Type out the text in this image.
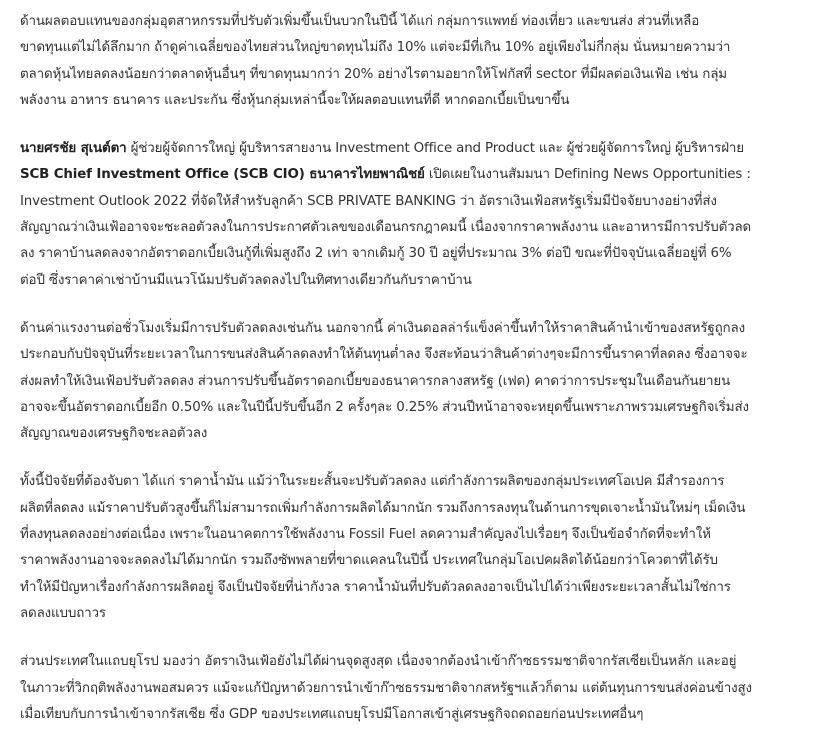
ด้านผลตอบแทนของกลุ่มอุตสาหกรรมที่ปรับตัวเพิ่มขึ้นเป็นบวกในปีนี้ ได้แก่ กลุ่มการแพทย์ ท่องเที่ยว และขนส่ง ส่วนที่เหลือ
ขาดทุนแต่ไม่ได้ลึกมาก ถ้าดูค่าเฉลี่ยของไทยส่วนใหญ่ขาดทุนไม่ถึง 10% แต่จะมีที่เกิน 10% อยู่เพียงไม่กี่กลุ่ม นั่นหมายความว่า
ตลาดหุ้นไทยลดลงน้อยกว่าตลาดหุ้นอื่นๆ ที่ขาดทุนมากว่า 20% อย่างไรตามอยากให้โฟกัสที่ sector ที่มีผลต่อเงินเฟ้อ เช่น กลุ่ม
พลังงาน อาหาร ธนาคาร และประกัน ซึ่งหุ้นกลุ่มเหล่านี้จะให้ผลตอบแทนที่ดี หากดอกเบี้ยเป็นขาขึ้น

นายศรชัย สุเนต์ตา ผู้ช่วยผู้จัดการใหญ่ ผู้บริหารสายงาน Investment Office and Product และ ผู้ช่วยผู้จัดการใหญ่ ผู้บริหารฝ่าย
SCB Chief Investment Office (SCB CIO) ธนาคารไทยพาณิชย์ เปิดเผยในงานสัมมนา Defining News Opportunities :
Investment Outlook 2022 ที่จัดให้สำหรับลูกค้า SCB PRIVATE BANKING ว่า อัตราเงินเฟ้อสหรัฐเริ่มมีปัจจัยบางอย่างที่ส่ง
สัญญาณว่าเงินเฟ้ออาจจะชะลอตัวลงในการประกาศตัวเลขของเดือนกรกฎาคมนี้ เนื่องจากราคาพลังงาน และอาหารมีการปรับตัวลด
ลง ราคาบ้านลดลงจากอัตราดอกเบี้ยเงินกู้ที่เพิ่มสูงถึง 2 เท่า จากเดิมกู้ 30 ปี อยู่ที่ประมาณ 3% ต่อปี ขณะที่ปัจจุบันเฉลี่ยอยู่ที่ 6%
ต่อปี ซึ่งราคาค่าเช่าบ้านมีแนวโน้มปรับตัวลดลงไปในทิศทางเดียวกันกับราคาบ้าน

ด้านค่าแรงงานต่อชั่วโมงเริ่มมีการปรับตัวลดลงเช่นกัน นอกจากนี้ ค่าเงินดอลล่าร์แข็งค่าขึ้นทำให้ราคาสินค้านำเข้าของสหรัฐถูกลง
ประกอบกับปัจจุบันที่ระยะเวลาในการขนส่งสินค้าลดลงทำให้ต้นทุนต่ำลง จึงสะท้อนว่าสินค้าต่างๆจะมีการขึ้นราคาที่ลดลง ซึ่งอาจจะ
ส่งผลทำให้เงินเฟ้อปรับตัวลดลง ส่วนการปรับขึ้นอัตราดอกเบี้ยของธนาคารกลางสหรัฐ (เฟด) คาดว่าการประชุมในเดือนกันยายน
อาจจะขึ้นอัตราดอกเบี้ยอีก 0.50% และในปีนี้ปรับขึ้นอีก 2 ครั้งๆละ 0.25% ส่วนปีหน้าอาจจะหยุดขึ้นเพราะภาพรวมเศรษฐกิจเริ่มส่ง
สัญญาณของเศรษฐกิจชะลอตัวลง

ทั้งนี้ปัจจัยที่ต้องจับตา ได้แก่ ราคาน้ำมัน แม้ว่าในระยะสั้นจะปรับตัวลดลง แต่กำลังการผลิตของกลุ่มประเทศโอเปค มีสำรองการ
ผลิตที่ลดลง แม้ราคาปรับตัวสูงขึ้นก็ไม่สามารถเพิ่มกำลังการผลิตได้มากนัก รวมถึงการลงทุนในด้านการขุดเจาะน้ำมันใหม่ๆ เม็ดเงิน
ที่ลงทุนลดลงอย่างต่อเนื่อง เพราะในอนาคตการใช้พลังงาน Fossil Fuel ลดความสำคัญลงไปเรื่อยๆ จึงเป็นข้อจำกัดที่จะทำให้
ราคาพลังงานอาจจะลดลงไม่ได้มากนัก รวมถึงซัพพลายที่ขาดแคลนในปีนี้ ประเทศในกลุ่มโอเปคผลิตได้น้อยกว่าโควตาที่ได้รับ
ทำให้มีปัญหาเรื่องกำลังการผลิตอยู่ จึงเป็นปัจจัยที่น่ากังวล ราคาน้ำมันที่ปรับตัวลดลงอาจเป็นไปได้ว่าเพียงระยะเวลาสั้นไม่ใช่การ
ลดลงแบบถาวร

ส่วนประเทศในแถบยุโรป มองว่า อัตราเงินเฟ้อยังไม่ได้ผ่านจุดสูงสุด เนื่องจากต้องนำเข้าก๊าซธรรมชาติจากรัสเซียเป็นหลัก และอยู่
ในภาวะที่วิกฤติพลังงานพอสมควร แม้จะแก้ปัญหาด้วยการนำเข้าก๊าซธรรมชาติจากสหรัฐฯแล้วก็ตาม แต่ต้นทุนการขนส่งค่อนข้างสูง
เมื่อเทียบกับการนำเข้าจากรัสเซีย ซึ่ง GDP ของประเทศแถบยุโรปมีโอกาสเข้าสู่เศรษฐกิจถดถอยก่อนประเทศอื่นๆ
